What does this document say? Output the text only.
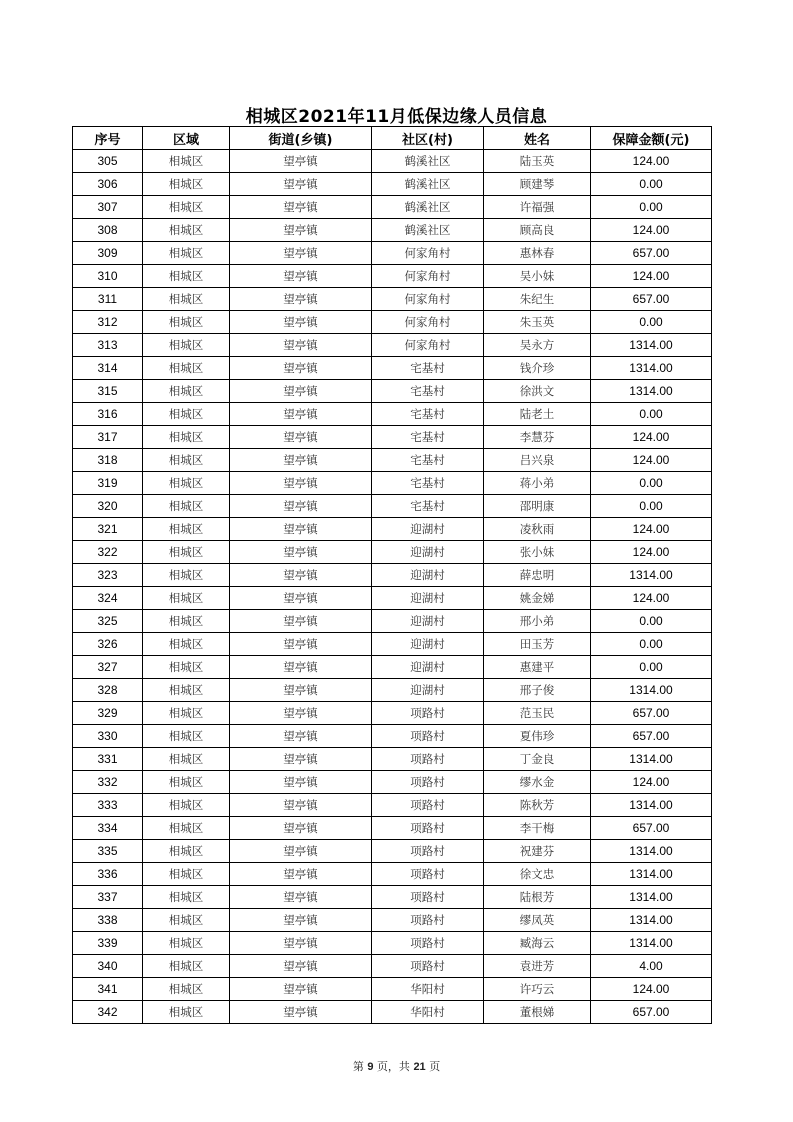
相城区2021年11月低保边缘人员信息
序号	区域	街道(乡镇)	社区(村)	姓名	保障金额(元)
305	相城区	望亭镇	鹤溪社区	陆玉英	124.00
306	相城区	望亭镇	鹤溪社区	顾建琴	0.00
307	相城区	望亭镇	鹤溪社区	许福强	0.00
308	相城区	望亭镇	鹤溪社区	顾高良	124.00
309	相城区	望亭镇	何家角村	惠林春	657.00
310	相城区	望亭镇	何家角村	吴小妹	124.00
311	相城区	望亭镇	何家角村	朱纪生	657.00
312	相城区	望亭镇	何家角村	朱玉英	0.00
313	相城区	望亭镇	何家角村	吴永方	1314.00
314	相城区	望亭镇	宅基村	钱介珍	1314.00
315	相城区	望亭镇	宅基村	徐洪文	1314.00
316	相城区	望亭镇	宅基村	陆老土	0.00
317	相城区	望亭镇	宅基村	李慧芬	124.00
318	相城区	望亭镇	宅基村	吕兴泉	124.00
319	相城区	望亭镇	宅基村	蒋小弟	0.00
320	相城区	望亭镇	宅基村	邵明康	0.00
321	相城区	望亭镇	迎湖村	凌秋雨	124.00
322	相城区	望亭镇	迎湖村	张小妹	124.00
323	相城区	望亭镇	迎湖村	薛忠明	1314.00
324	相城区	望亭镇	迎湖村	姚金娣	124.00
325	相城区	望亭镇	迎湖村	邢小弟	0.00
326	相城区	望亭镇	迎湖村	田玉芳	0.00
327	相城区	望亭镇	迎湖村	惠建平	0.00
328	相城区	望亭镇	迎湖村	邢子俊	1314.00
329	相城区	望亭镇	项路村	范玉民	657.00
330	相城区	望亭镇	项路村	夏伟珍	657.00
331	相城区	望亭镇	项路村	丁金良	1314.00
332	相城区	望亭镇	项路村	缪水金	124.00
333	相城区	望亭镇	项路村	陈秋芳	1314.00
334	相城区	望亭镇	项路村	李干梅	657.00
335	相城区	望亭镇	项路村	祝建芬	1314.00
336	相城区	望亭镇	项路村	徐文忠	1314.00
337	相城区	望亭镇	项路村	陆根芳	1314.00
338	相城区	望亭镇	项路村	缪凤英	1314.00
339	相城区	望亭镇	项路村	臧海云	1314.00
340	相城区	望亭镇	项路村	袁进芳	4.00
341	相城区	望亭镇	华阳村	许巧云	124.00
342	相城区	望亭镇	华阳村	董根娣	657.00
第 9 页，共 21 页
